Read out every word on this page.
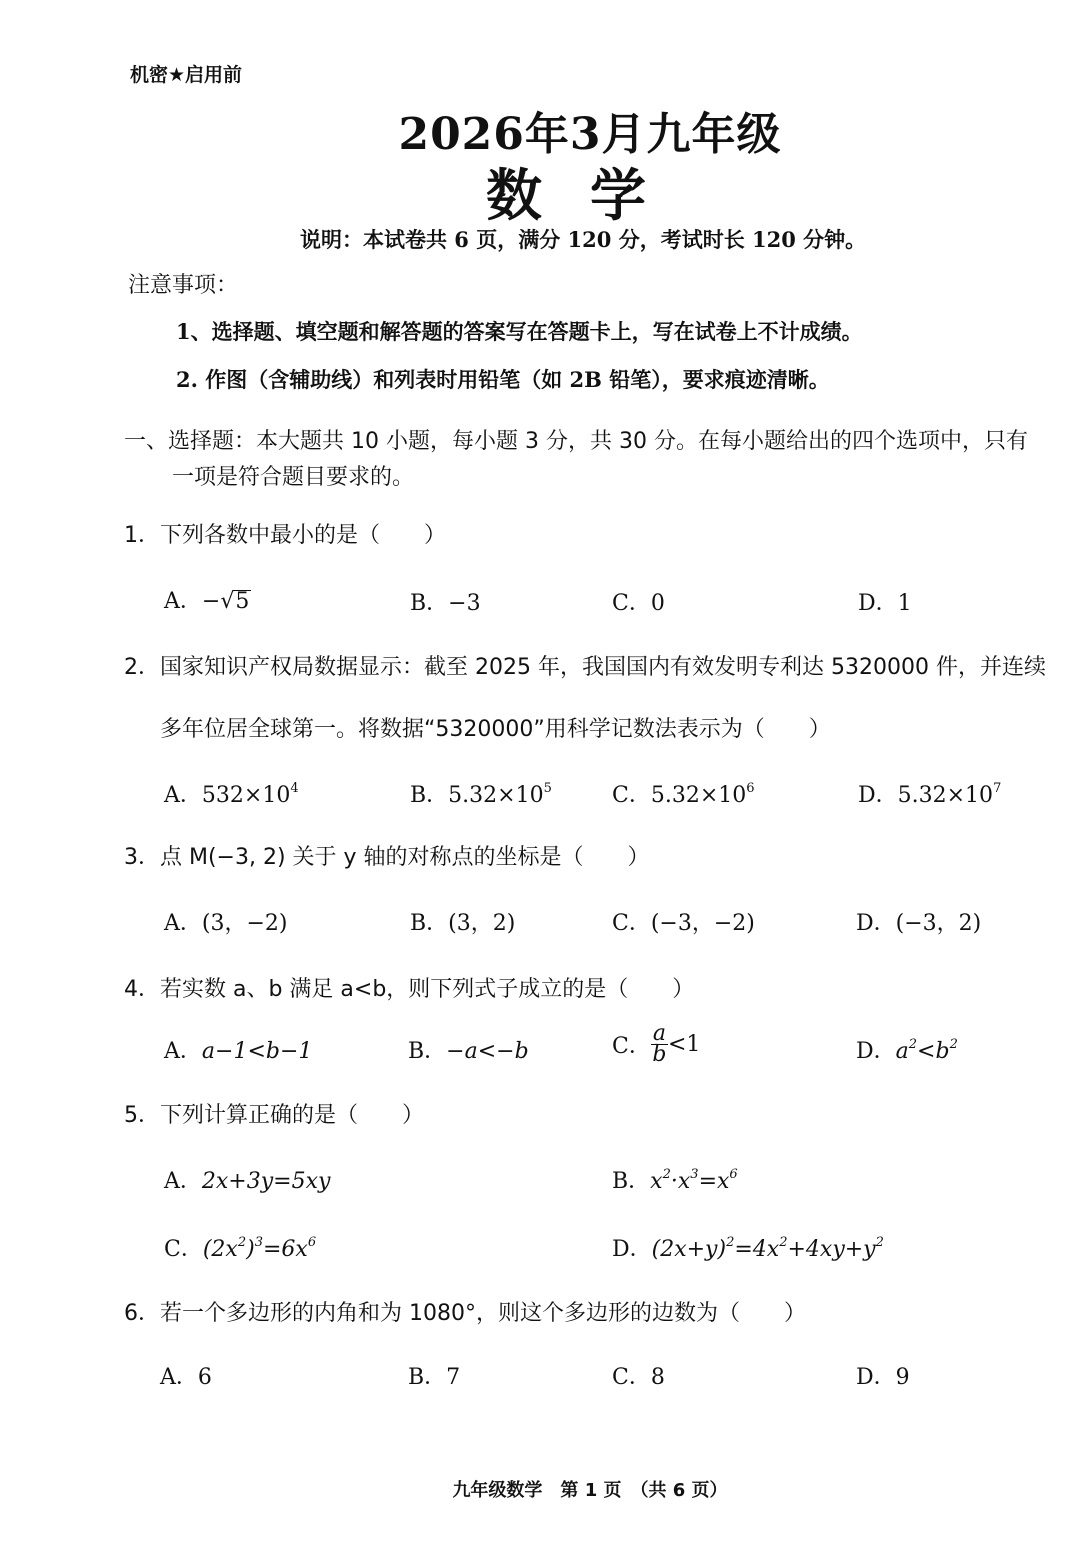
机密★启用前
2026年3月九年级
数学
说明：本试卷共 6 页，满分 120 分，考试时长 120 分钟。
注意事项：
1、选择题、填空题和解答题的答案写在答题卡上，写在试卷上不计成绩。
2. 作图（含辅助线）和列表时用铅笔（如 2B 铅笔），要求痕迹清晰。
一、选择题：本大题共 10 小题，每小题 3 分，共 30 分。在每小题给出的四个选项中，只有
一项是符合题目要求的。
1．下列各数中最小的是（　　）
A．−√5	B．−3	C．0	D．1
2．国家知识产权局数据显示：截至 2025 年，我国国内有效发明专利达 5320000 件，并连续
多年位居全球第一。将数据“5320000”用科学记数法表示为（　　）
A．$532\times 10^4$	B．$5.32\times 10^5$	C．$5.32\times 10^6$	D．$5.32\times 10^7$
3．点 M(−3, 2) 关于 y 轴的对称点的坐标是（　　）
A．(3，−2)	B．(3，2)	C．(−3，−2)	D．(−3，2)
4．若实数 a、b 满足 a<b，则下列式子成立的是（　　）
A．a−1<b−1	B．−a<−b	C． $\frac{a}{b} <1$	D．$a^2<b^2$
5．下列计算正确的是（　　）
A．2x+3y=5xy	B．$x^2\cdot x^3=x^6$
C．$(2x^2)^3=6x^6$	D．$(2x+y)^2=4x^2+4xy+y^2$
6．若一个多边形的内角和为 1080°，则这个多边形的边数为（　　）
A．6	B．7	C．8	D．9
九年级数学　第 1 页　（共 6 页）
